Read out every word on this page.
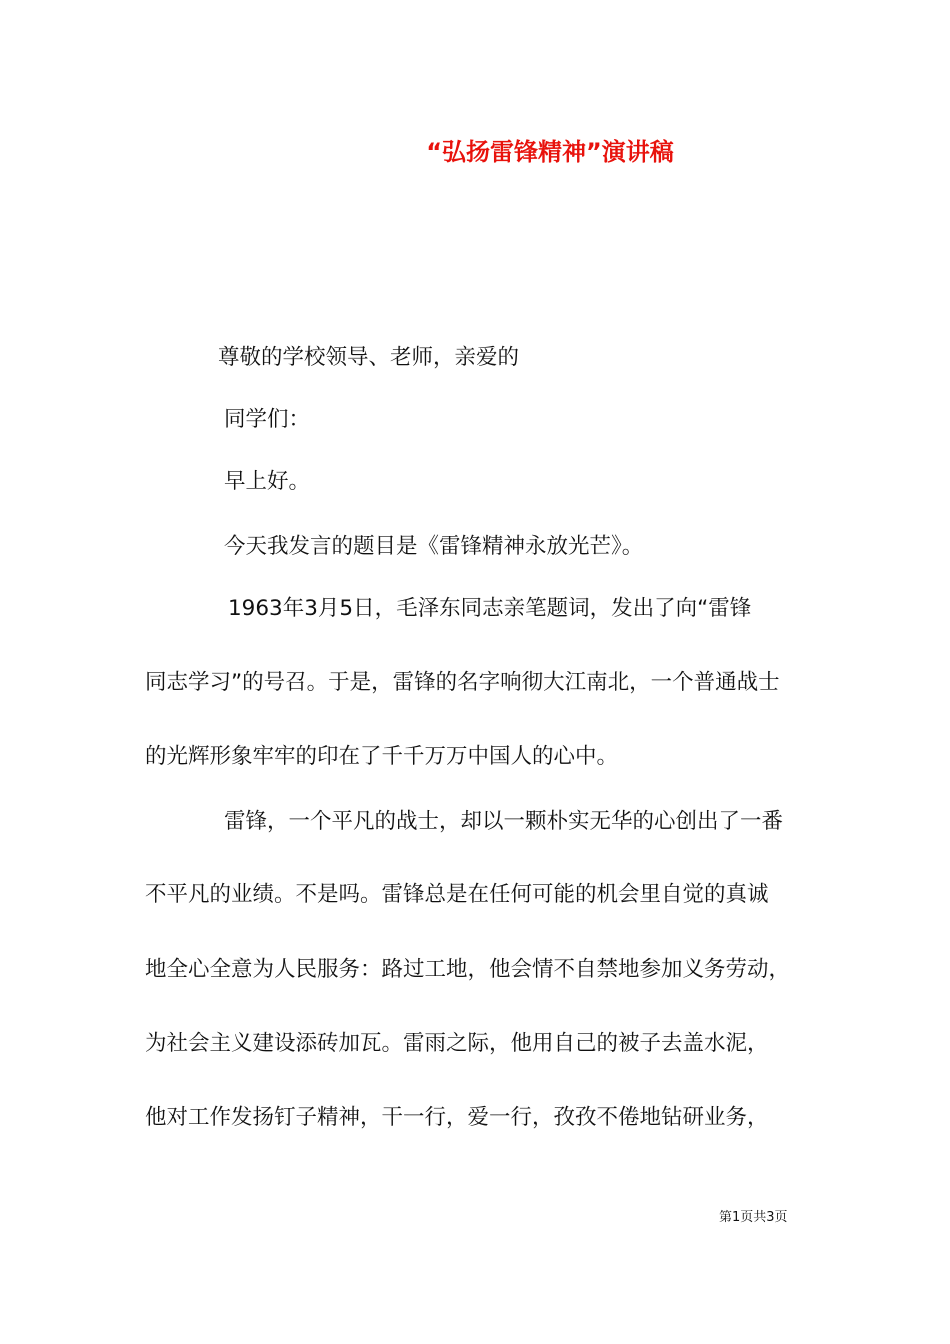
“弘扬雷锋精神”演讲稿
尊敬的学校领导、老师，亲爱的
同学们：
早上好。
今天我发言的题目是《雷锋精神永放光芒》。
1963年3月5日，毛泽东同志亲笔题词，发出了向“雷锋
同志学习”的号召。于是，雷锋的名字响彻大江南北，一个普通战士
的光辉形象牢牢的印在了千千万万中国人的心中。
雷锋，一个平凡的战士，却以一颗朴实无华的心创出了一番
不平凡的业绩。不是吗。雷锋总是在任何可能的机会里自觉的真诚
地全心全意为人民服务：路过工地，他会情不自禁地参加义务劳动，
为社会主义建设添砖加瓦。雷雨之际，他用自己的被子去盖水泥，
他对工作发扬钉子精神，干一行，爱一行，孜孜不倦地钻研业务，
第1页共3页
